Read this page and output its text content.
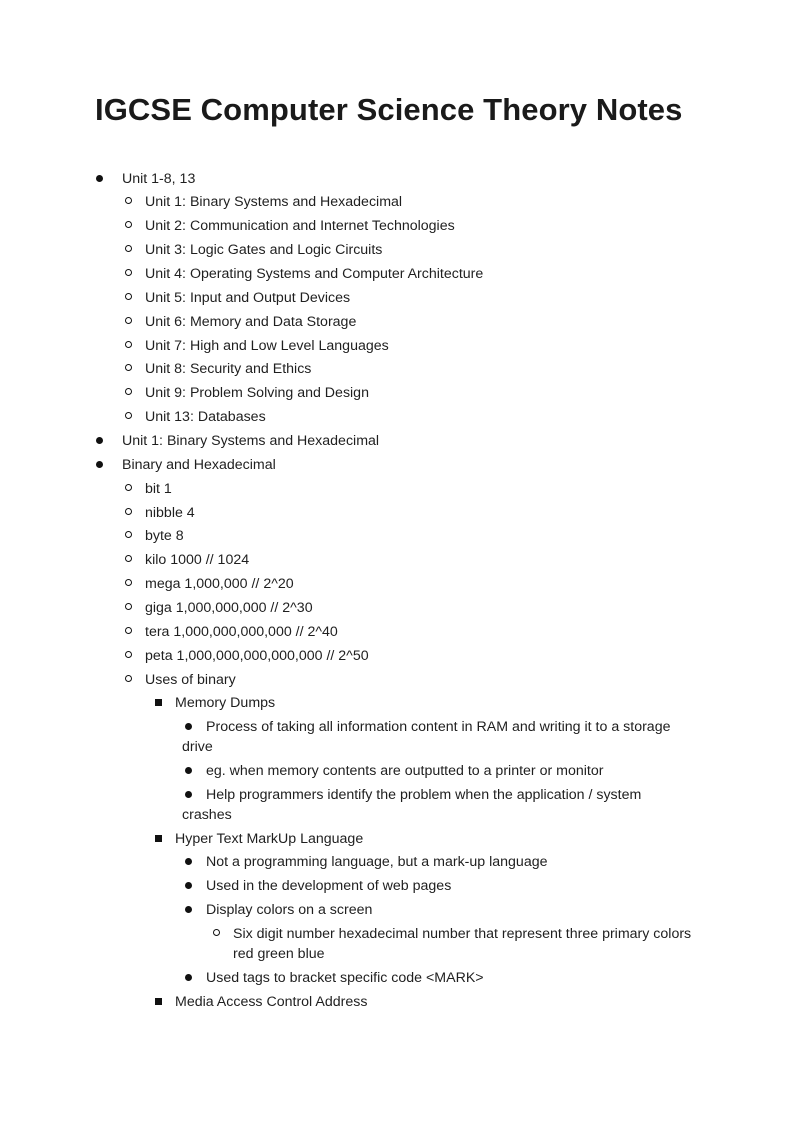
IGCSE Computer Science Theory Notes
Unit 1-8, 13
Unit 1: Binary Systems and Hexadecimal
Unit 2: Communication and Internet Technologies
Unit 3: Logic Gates and Logic Circuits
Unit 4: Operating Systems and Computer Architecture
Unit 5: Input and Output Devices
Unit 6: Memory and Data Storage
Unit 7: High and Low Level Languages
Unit 8: Security and Ethics
Unit 9: Problem Solving and Design
Unit 13: Databases
Unit 1: Binary Systems and Hexadecimal
Binary and Hexadecimal
bit 1
nibble 4
byte 8
kilo 1000 // 1024
mega 1,000,000 // 2^20
giga 1,000,000,000 // 2^30
tera 1,000,000,000,000 // 2^40
peta 1,000,000,000,000,000 // 2^50
Uses of binary
Memory Dumps
Process of taking all information content in RAM and writing it to a storage drive
eg. when memory contents are outputted to a printer or monitor
Help programmers identify the problem when the application / system crashes
Hyper Text MarkUp Language
Not a programming language, but a mark-up language
Used in the development of web pages
Display colors on a screen
Six digit number hexadecimal number that represent three primary colors red green blue
Used tags to bracket specific code <MARK>
Media Access Control Address
